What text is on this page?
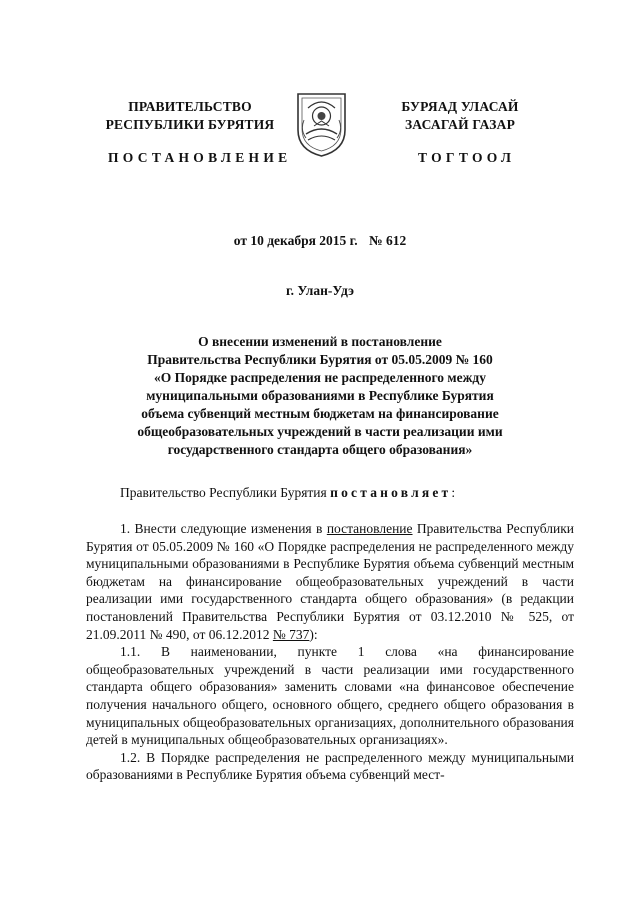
ПРАВИТЕЛЬСТВО
РЕСПУБЛИКИ БУРЯТИЯ
БУРЯАД УЛАСАЙ
ЗАСАГАЙ ГАЗАР
ПОСТАНОВЛЕНИЕ	ТОГТООЛ
от 10 декабря 2015 г. № 612
г. Улан-Удэ
О внесении изменений в постановление
Правительства Республики Бурятия от 05.05.2009 № 160
«О Порядке распределения не распределенного между
муниципальными образованиями в Республике Бурятия
объема субвенций местным бюджетам на финансирование
общеобразовательных учреждений в части реализации ими
государственного стандарта общего образования»
Правительство Республики Бурятия постановляет:

1. Внести следующие изменения в постановление Правительства Республики Бурятия от 05.05.2009 № 160 «О Порядке распределения не распределенного между муниципальными образованиями в Республике Бурятия объема субвенций местным бюджетам на финансирование общеобразовательных учреждений в части реализации ими государственного стандарта общего образования» (в редакции постановлений Правительства Республики Бурятия от 03.12.2010 № 525, от 21.09.2011 № 490, от 06.12.2012 № 737):

1.1. В наименовании, пункте 1 слова «на финансирование общеобразовательных учреждений в части реализации ими государственного стандарта общего образования» заменить словами «на финансовое обеспечение получения начального общего, основного общего, среднего общего образования в муниципальных общеобразовательных организациях, дополнительного образования детей в муниципальных общеобразовательных организациях».

1.2. В Порядке распределения не распределенного между муниципальными образованиями в Республике Бурятия объема субвенций мест-
